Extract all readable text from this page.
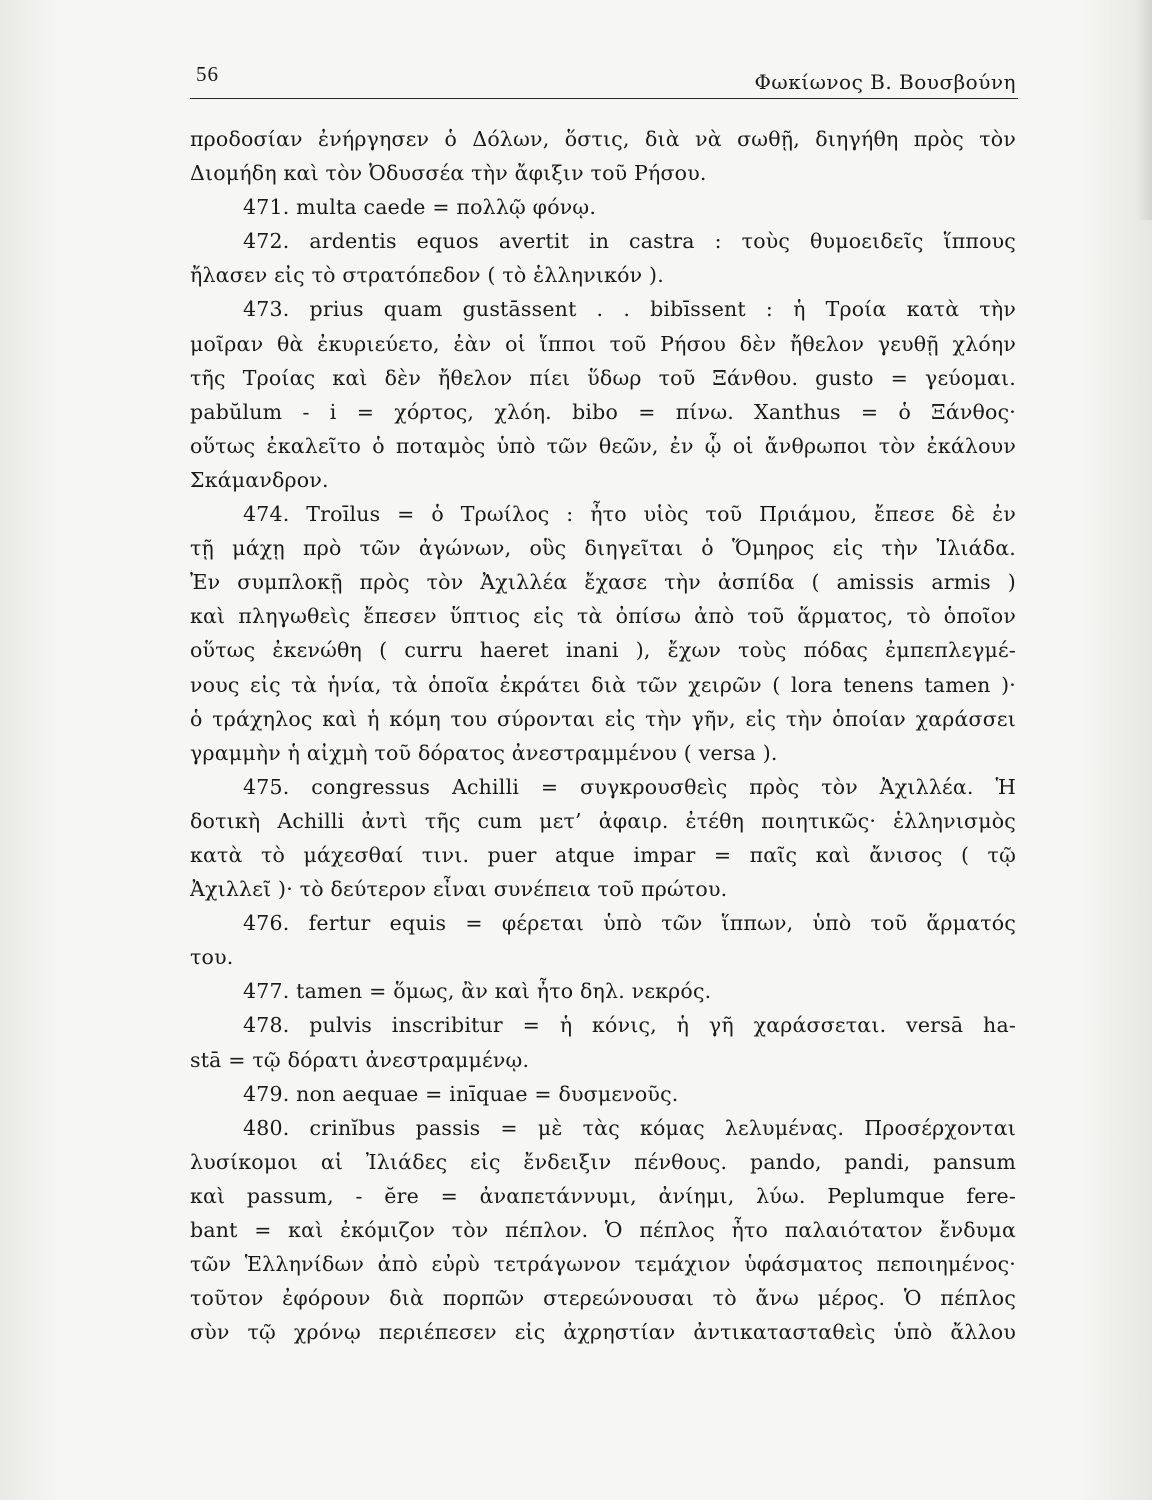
56	Φωκίωνος Β. Βουσβούνη
προδοσίαν ἐνήργησεν ὁ Δόλων, ὅστις, διὰ νὰ σωθῇ, διηγήθη πρὸς τὸν
Διομήδη καὶ τὸν Ὀδυσσέα τὴν ἄφιξιν τοῦ Ρήσου.
471. multa caede = πολλῷ φόνῳ.
472. ardentis equos avertit in castra : τοὺς θυμοειδεῖς ἵππους
ἤλασεν εἰς τὸ στρατόπεδον ( τὸ ἑλληνικόν ).
473. prius quam gustāssent . . bibīssent : ἡ Τροία κατὰ τὴν
μοῖραν θὰ ἐκυριεύετο, ἐὰν οἱ ἵπποι τοῦ Ρήσου δὲν ἤθελον γευθῇ χλόην
τῆς Τροίας καὶ δὲν ἤθελον πίει ὕδωρ τοῦ Ξάνθου. gusto = γεύομαι.
pabŭlum - i = χόρτος, χλόη. bibo = πίνω. Xanthus = ὁ Ξάνθος·
οὕτως ἐκαλεῖτο ὁ ποταμὸς ὑπὸ τῶν θεῶν, ἐν ᾧ οἱ ἄνθρωποι τὸν ἐκάλουν
Σκάμανδρον.
474. Troīlus = ὁ Τρωίλος : ἦτο υἱὸς τοῦ Πριάμου, ἔπεσε δὲ ἐν
τῇ μάχῃ πρὸ τῶν ἀγώνων, οὓς διηγεῖται ὁ Ὅμηρος εἰς τὴν Ἰλιάδα.
Ἐν συμπλοκῇ πρὸς τὸν Ἀχιλλέα ἔχασε τὴν ἀσπίδα ( amissis armis )
καὶ πληγωθεὶς ἔπεσεν ὕπτιος εἰς τὰ ὀπίσω ἀπὸ τοῦ ἅρματος, τὸ ὁποῖον
οὕτως ἐκενώθη ( curru haeret inani ), ἔχων τοὺς πόδας ἐμπεπλεγμέ-
νους εἰς τὰ ἡνία, τὰ ὁποῖα ἐκράτει διὰ τῶν χειρῶν ( lora tenens tamen )·
ὁ τράχηλος καὶ ἡ κόμη του σύρονται εἰς τὴν γῆν, εἰς τὴν ὁποίαν χαράσσει
γραμμὴν ἡ αἰχμὴ τοῦ δόρατος ἀνεστραμμένου ( versa ).
475. congressus Achilli = συγκρουσθεὶς πρὸς τὸν Ἀχιλλέα. Ἡ
δοτικὴ Achilli ἀντὶ τῆς cum μετ’ ἀφαιρ. ἐτέθη ποιητικῶς· ἑλληνισμὸς
κατὰ τὸ μάχεσθαί τινι. puer atque impar = παῖς καὶ ἄνισος ( τῷ
Ἀχιλλεῖ )· τὸ δεύτερον εἶναι συνέπεια τοῦ πρώτου.
476. fertur equis = φέρεται ὑπὸ τῶν ἵππων, ὑπὸ τοῦ ἅρματός
του.
477. tamen = ὅμως, ἂν καὶ ἦτο δηλ. νεκρός.
478. pulvis inscribitur = ἡ κόνις, ἡ γῆ χαράσσεται. versā ha-
stā = τῷ δόρατι ἀνεστραμμένῳ.
479. non aequae = inīquae = δυσμενοῦς.
480. crinĭbus passis = μὲ τὰς κόμας λελυμένας. Προσέρχονται
λυσίκομοι αἱ Ἰλιάδες εἰς ἔνδειξιν πένθους. pando, pandi, pansum
καὶ passum, - ĕre = ἀναπετάννυμι, ἀνίημι, λύω. Peplumque fere-
bant = καὶ ἐκόμιζον τὸν πέπλον. Ὁ πέπλος ἦτο παλαιότατον ἔνδυμα
τῶν Ἑλληνίδων ἀπὸ εὐρὺ τετράγωνον τεμάχιον ὑφάσματος πεποιημένος·
τοῦτον ἐφόρουν διὰ πορπῶν στερεώνουσαι τὸ ἄνω μέρος. Ὁ πέπλος
σὺν τῷ χρόνῳ περιέπεσεν εἰς ἀχρηστίαν ἀντικατασταθεὶς ὑπὸ ἄλλου
